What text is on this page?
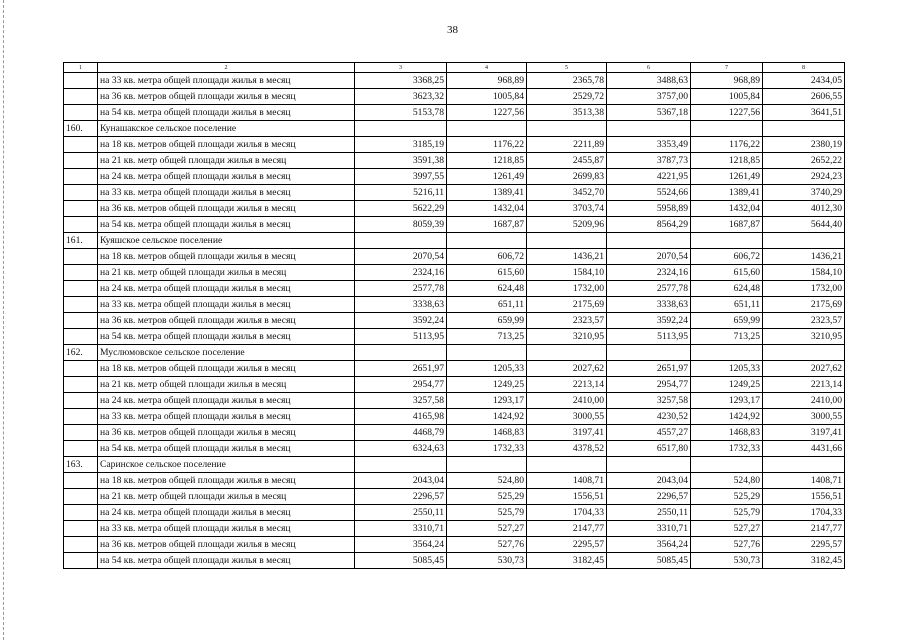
38
1	2	3	4	5	6	7	8
	на 33 кв. метра общей площади жилья в месяц	3368,25	968,89	2365,78	3488,63	968,89	2434,05
	на 36 кв. метров общей площади жилья в месяц	3623,32	1005,84	2529,72	3757,00	1005,84	2606,55
	на 54 кв. метра общей площади жилья в месяц	5153,78	1227,56	3513,38	5367,18	1227,56	3641,51
160.	Кунашакское сельское поселение						
	на 18 кв. метров общей площади жилья в месяц	3185,19	1176,22	2211,89	3353,49	1176,22	2380,19
	на 21 кв. метр общей площади жилья в месяц	3591,38	1218,85	2455,87	3787,73	1218,85	2652,22
	на 24 кв. метра общей площади жилья в месяц	3997,55	1261,49	2699,83	4221,95	1261,49	2924,23
	на 33 кв. метра общей площади жилья в месяц	5216,11	1389,41	3452,70	5524,66	1389,41	3740,29
	на 36 кв. метров общей площади жилья в месяц	5622,29	1432,04	3703,74	5958,89	1432,04	4012,30
	на 54 кв. метра общей площади жилья в месяц	8059,39	1687,87	5209,96	8564,29	1687,87	5644,40
161.	Куяшское сельское поселение						
	на 18 кв. метров общей площади жилья в месяц	2070,54	606,72	1436,21	2070,54	606,72	1436,21
	на 21 кв. метр общей площади жилья в месяц	2324,16	615,60	1584,10	2324,16	615,60	1584,10
	на 24 кв. метра общей площади жилья в месяц	2577,78	624,48	1732,00	2577,78	624,48	1732,00
	на 33 кв. метра общей площади жилья в месяц	3338,63	651,11	2175,69	3338,63	651,11	2175,69
	на 36 кв. метров общей площади жилья в месяц	3592,24	659,99	2323,57	3592,24	659,99	2323,57
	на 54 кв. метра общей площади жилья в месяц	5113,95	713,25	3210,95	5113,95	713,25	3210,95
162.	Муслюмовское сельское поселение						
	на 18 кв. метров общей площади жилья в месяц	2651,97	1205,33	2027,62	2651,97	1205,33	2027,62
	на 21 кв. метр общей площади жилья в месяц	2954,77	1249,25	2213,14	2954,77	1249,25	2213,14
	на 24 кв. метра общей площади жилья в месяц	3257,58	1293,17	2410,00	3257,58	1293,17	2410,00
	на 33 кв. метра общей площади жилья в месяц	4165,98	1424,92	3000,55	4230,52	1424,92	3000,55
	на 36 кв. метров общей площади жилья в месяц	4468,79	1468,83	3197,41	4557,27	1468,83	3197,41
	на 54 кв. метра общей площади жилья в месяц	6324,63	1732,33	4378,52	6517,80	1732,33	4431,66
163.	Саринское сельское поселение						
	на 18 кв. метров общей площади жилья в месяц	2043,04	524,80	1408,71	2043,04	524,80	1408,71
	на 21 кв. метр общей площади жилья в месяц	2296,57	525,29	1556,51	2296,57	525,29	1556,51
	на 24 кв. метра общей площади жилья в месяц	2550,11	525,79	1704,33	2550,11	525,79	1704,33
	на 33 кв. метра общей площади жилья в месяц	3310,71	527,27	2147,77	3310,71	527,27	2147,77
	на 36 кв. метров общей площади жилья в месяц	3564,24	527,76	2295,57	3564,24	527,76	2295,57
	на 54 кв. метра общей площади жилья в месяц	5085,45	530,73	3182,45	5085,45	530,73	3182,45
